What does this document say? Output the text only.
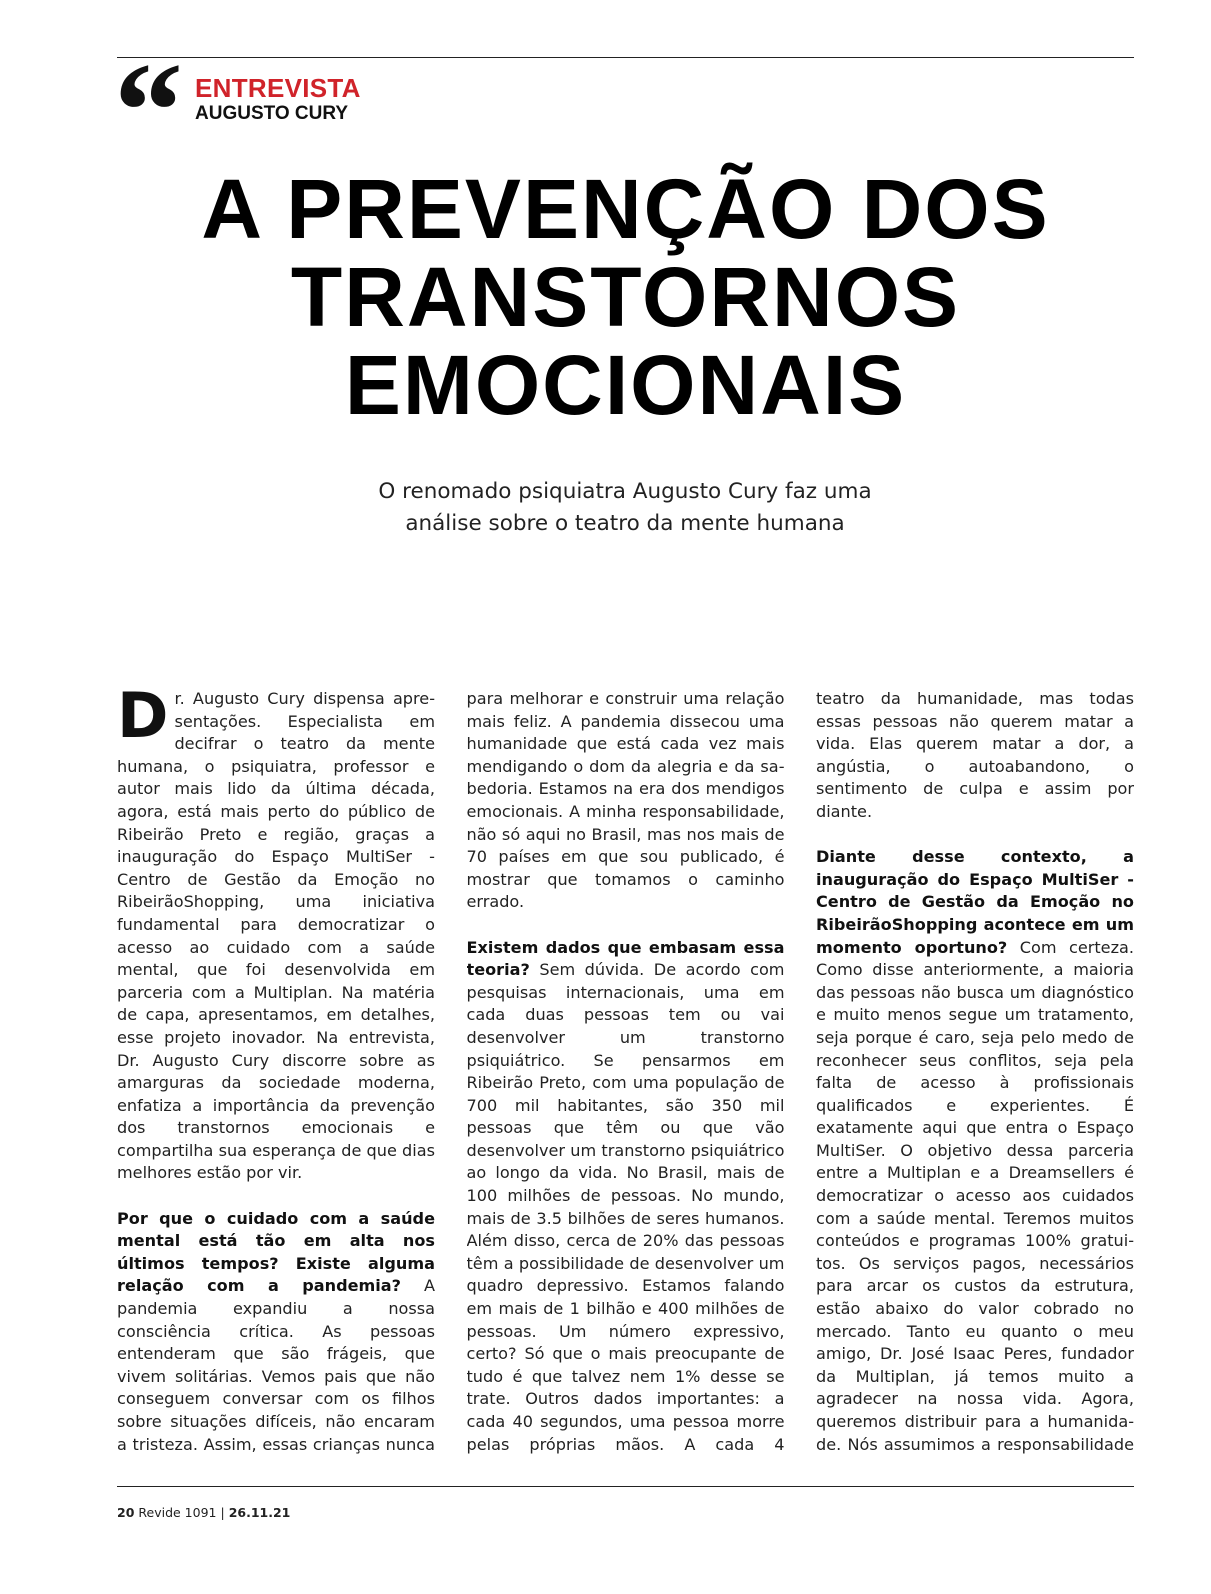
“ ENTREVISTA
AUGUSTO CURY
A PREVENÇÃO DOS
TRANSTORNOS
EMOCIONAIS
O renomado psiquiatra Augusto Cury faz uma
análise sobre o teatro da mente humana

Dr. Augusto Cury dispensa apresentações. Especialista em decifrar o teatro da mente humana, o psiquiatra, professor e autor mais lido da última década, agora, está mais perto do público de Ribeirão Preto e região, graças a inauguração do Espaço MultiSer - Centro de Gestão da Emoção no RibeirãoShopping, uma iniciativa fundamental para democratizar o acesso ao cuidado com a saúde mental, que foi desenvolvida em parceria com a Multiplan. Na matéria de capa, apresentamos, em detalhes, esse projeto inovador. Na entrevista, Dr. Augusto Cury discorre sobre as amarguras da sociedade moderna, enfatiza a importância da prevenção dos transtornos emocionais e compartilha sua esperança de que dias melhores estão por vir.

Por que o cuidado com a saúde mental está tão em alta nos últimos tempos? Existe alguma relação com a pandemia? A pandemia expandiu a nossa consciência crítica. As pessoas entenderam que são frágeis, que vivem solitárias. Vemos pais que não conseguem conversar com os filhos sobre situações difíceis, não encaram a tristeza. Assim, essas crianças nunca

para melhorar e construir uma relação mais feliz. A pandemia dissecou uma humanidade que está cada vez mais mendigando o dom da alegria e da sabedoria. Estamos na era dos mendigos emocionais. A minha responsabilidade, não só aqui no Brasil, mas nos mais de 70 países em que sou publicado, é mostrar que tomamos o caminho errado.

Existem dados que embasam essa teoria? Sem dúvida. De acordo com pesquisas internacionais, uma em cada duas pessoas tem ou vai desenvolver um transtorno psiquiátrico. Se pensarmos em Ribeirão Preto, com uma população de 700 mil habitantes, são 350 mil pessoas que têm ou que vão desenvolver um transtorno psiquiátrico ao longo da vida. No Brasil, mais de 100 milhões de pessoas. No mundo, mais de 3.5 bilhões de seres humanos. Além disso, cerca de 20% das pessoas têm a possibilidade de desenvolver um quadro depressivo. Estamos falando em mais de 1 bilhão e 400 milhões de pessoas. Um número expressivo, certo? Só que o mais preocupante de tudo é que talvez nem 1% desse se trate. Outros dados importantes: a cada 40 segundos, uma pessoa morre pelas próprias mãos. A cada 4

teatro da humanidade, mas todas essas pessoas não querem matar a vida. Elas querem matar a dor, a angústia, o autoabandono, o sentimento de culpa e assim por diante.

Diante desse contexto, a inauguração do Espaço MultiSer - Centro de Gestão da Emoção no RibeirãoShopping acontece em um momento oportuno? Com certeza. Como disse anteriormente, a maioria das pessoas não busca um diagnóstico e muito menos segue um tratamento, seja porque é caro, seja pelo medo de reconhecer seus conflitos, seja pela falta de acesso à profissionais qualificados e experientes. É exatamente aqui que entra o Espaço MultiSer. O objetivo dessa parceria entre a Multiplan e a Dreamsellers é democratizar o acesso aos cuidados com a saúde mental. Teremos muitos conteúdos e programas 100% gratuitos. Os serviços pagos, necessários para arcar os custos da estrutura, estão abaixo do valor cobrado no mercado. Tanto eu quanto o meu amigo, Dr. José Isaac Peres, fundador da Multiplan, já temos muito a agradecer na nossa vida. Agora, queremos distribuir para a humanidade. Nós assumimos a responsabilidade

20 Revide 1091 | 26.11.21
